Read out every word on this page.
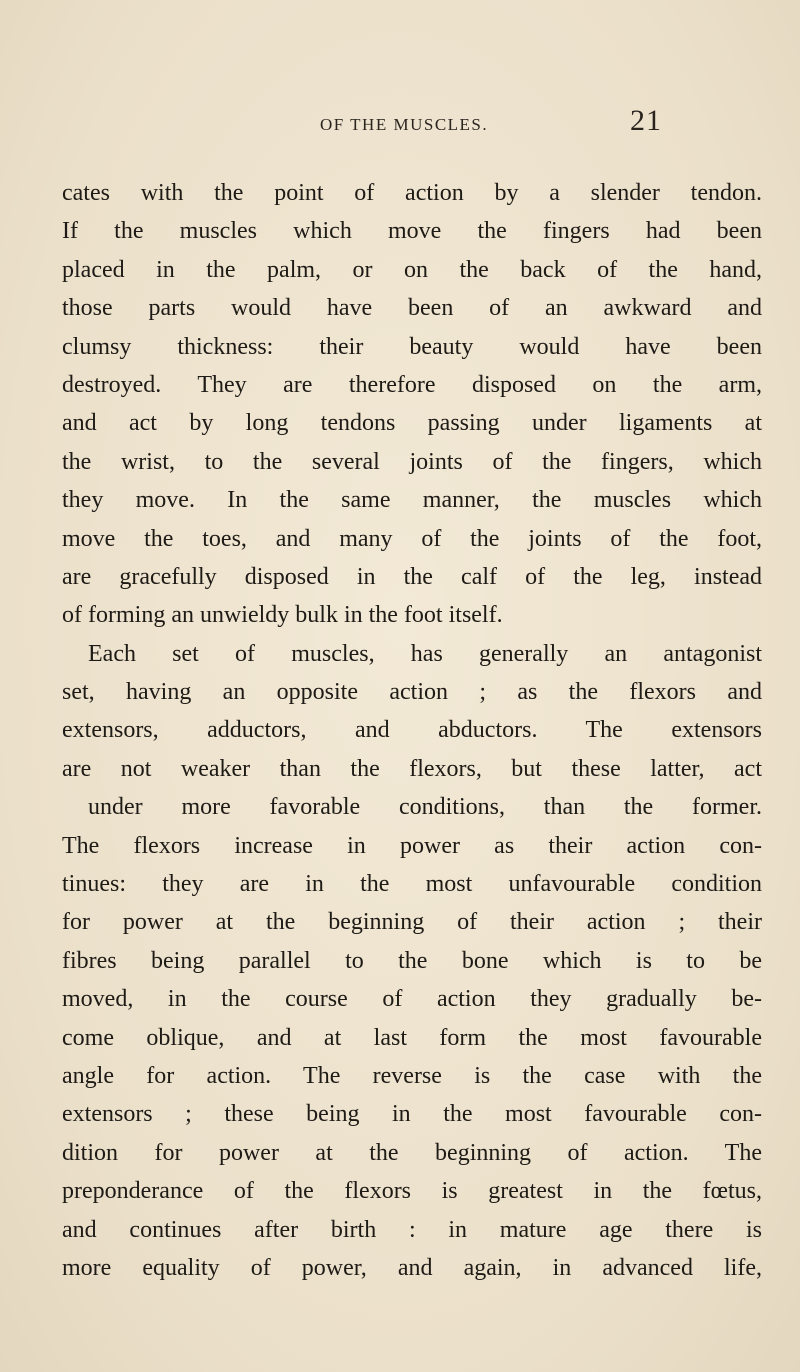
OF THE MUSCLES.	21
cates with the point of action by a slender tendon.
If the muscles which move the fingers had been
placed in the palm, or on the back of the hand,
those parts would have been of an awkward and
clumsy thickness: their beauty would have been
destroyed. They are therefore disposed on the arm,
and act by long tendons passing under ligaments at
the wrist, to the several joints of the fingers, which
they move. In the same manner, the muscles which
move the toes, and many of the joints of the foot,
are gracefully disposed in the calf of the leg, instead
of forming an unwieldy bulk in the foot itself.
Each set of muscles, has generally an antagonist
set, having an opposite action ; as the flexors and
extensors, adductors, and abductors. The extensors
are not weaker than the flexors, but these latter, act
under more favorable conditions, than the former.
The flexors increase in power as their action con-
tinues: they are in the most unfavourable condition
for power at the beginning of their action ; their
fibres being parallel to the bone which is to be
moved, in the course of action they gradually be-
come oblique, and at last form the most favourable
angle for action. The reverse is the case with the
extensors ; these being in the most favourable con-
dition for power at the beginning of action. The
preponderance of the flexors is greatest in the fœtus,
and continues after birth : in mature age there is
more equality of power, and again, in advanced life,
